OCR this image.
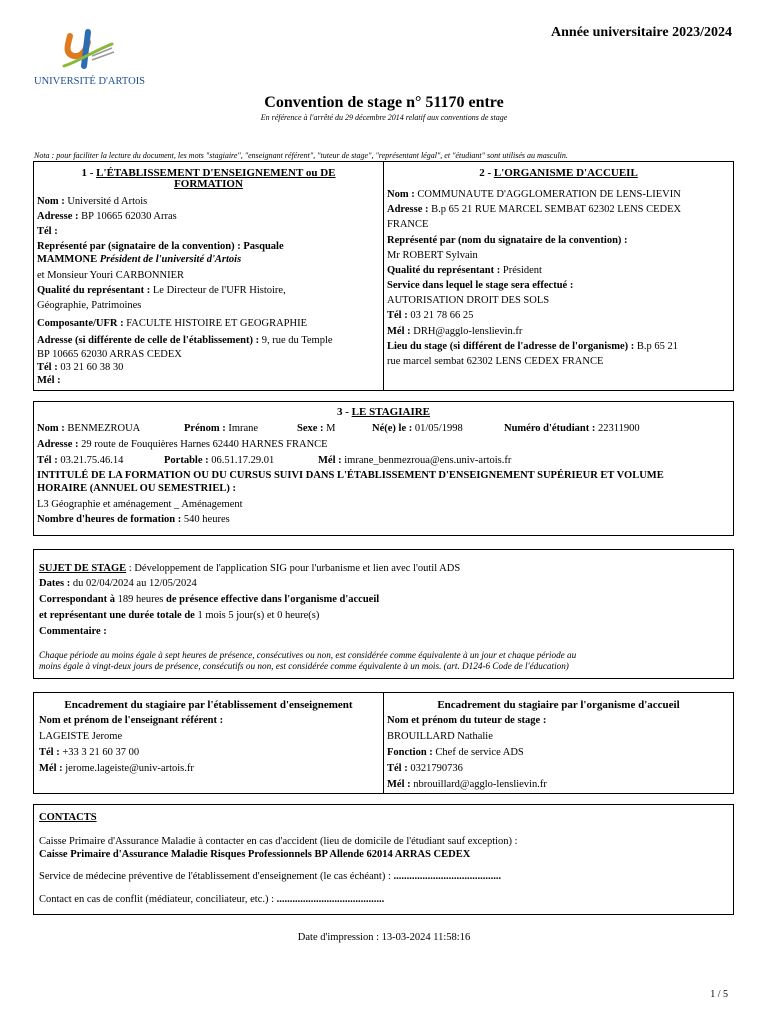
UNIVERSITÉ D'ARTOIS
Année universitaire 2023/2024
Convention de stage n° 51170 entre
En référence à l'arrêté du 29 décembre 2014 relatif aux conventions de stage
Nota : pour faciliter la lecture du document, les mots "stagiaire", "enseignant référent", "tuteur de stage", "représentant légal", et "étudiant" sont utilisés au masculin.
1 - L'ÉTABLISSEMENT D'ENSEIGNEMENT ou DE
FORMATION
Nom : Université d Artois
Adresse : BP 10665 62030 Arras
Tél :
Représenté par (signataire de la convention) : Pasquale
MAMMONE Président de l'université d'Artois
et Monsieur Youri CARBONNIER
Qualité du représentant : Le Directeur de l'UFR Histoire,
Géographie, Patrimoines
Composante/UFR : FACULTE HISTOIRE ET GEOGRAPHIE
Adresse (si différente de celle de l'établissement) : 9, rue du Temple
BP 10665 62030 ARRAS CEDEX
Tél : 03 21 60 38 30
Mél :
2 - L'ORGANISME D'ACCUEIL
Nom : COMMUNAUTE D'AGGLOMERATION DE LENS-LIEVIN
Adresse : B.p 65 21 RUE MARCEL SEMBAT 62302 LENS CEDEX
FRANCE
Représenté par (nom du signataire de la convention) :
Mr ROBERT Sylvain
Qualité du représentant : Président
Service dans lequel le stage sera effectué :
AUTORISATION DROIT DES SOLS
Tél : 03 21 78 66 25
Mél : DRH@agglo-lenslievin.fr
Lieu du stage (si différent de l'adresse de l'organisme) : B.p 65 21
rue marcel sembat 62302 LENS CEDEX FRANCE
3 - LE STAGIAIRE
Nom : BENMEZROUA	Prénom : Imrane	Sexe : M	Né(e) le : 01/05/1998	Numéro d'étudiant : 22311900
Adresse : 29 route de Fouquières Harnes 62440 HARNES FRANCE
Tél : 03.21.75.46.14	Portable : 06.51.17.29.01	Mél : imrane_benmezroua@ens.univ-artois.fr
INTITULÉ DE LA FORMATION OU DU CURSUS SUIVI DANS L'ÉTABLISSEMENT D'ENSEIGNEMENT SUPÉRIEUR ET VOLUME
HORAIRE (ANNUEL OU SEMESTRIEL) :
L3 Géographie et aménagement _ Aménagement
Nombre d'heures de formation : 540 heures
SUJET DE STAGE : Développement de l'application SIG pour l'urbanisme et lien avec l'outil ADS
Dates : du 02/04/2024 au 12/05/2024
Correspondant à 189 heures de présence effective dans l'organisme d'accueil
et représentant une durée totale de 1 mois 5 jour(s) et 0 heure(s)
Commentaire :
Chaque période au moins égale à sept heures de présence, consécutives ou non, est considérée comme équivalente à un jour et chaque période au
moins égale à vingt-deux jours de présence, consécutifs ou non, est considérée comme équivalente à un mois. (art. D124-6 Code de l'éducation)
Encadrement du stagiaire par l'établissement d'enseignement
Nom et prénom de l'enseignant référent :
LAGEISTE Jerome
Tél : +33 3 21 60 37 00
Mél : jerome.lageiste@univ-artois.fr
Encadrement du stagiaire par l'organisme d'accueil
Nom et prénom du tuteur de stage :
BROUILLARD Nathalie
Fonction : Chef de service ADS
Tél : 0321790736
Mél : nbrouillard@agglo-lenslievin.fr
CONTACTS
Caisse Primaire d'Assurance Maladie à contacter en cas d'accident (lieu de domicile de l'étudiant sauf exception) :
Caisse Primaire d'Assurance Maladie Risques Professionnels BP Allende 62014 ARRAS CEDEX
Service de médecine préventive de l'établissement d'enseignement (le cas échéant) : .........................................
Contact en cas de conflit (médiateur, conciliateur, etc.) : .........................................
Date d'impression : 13-03-2024 11:58:16
1 / 5
